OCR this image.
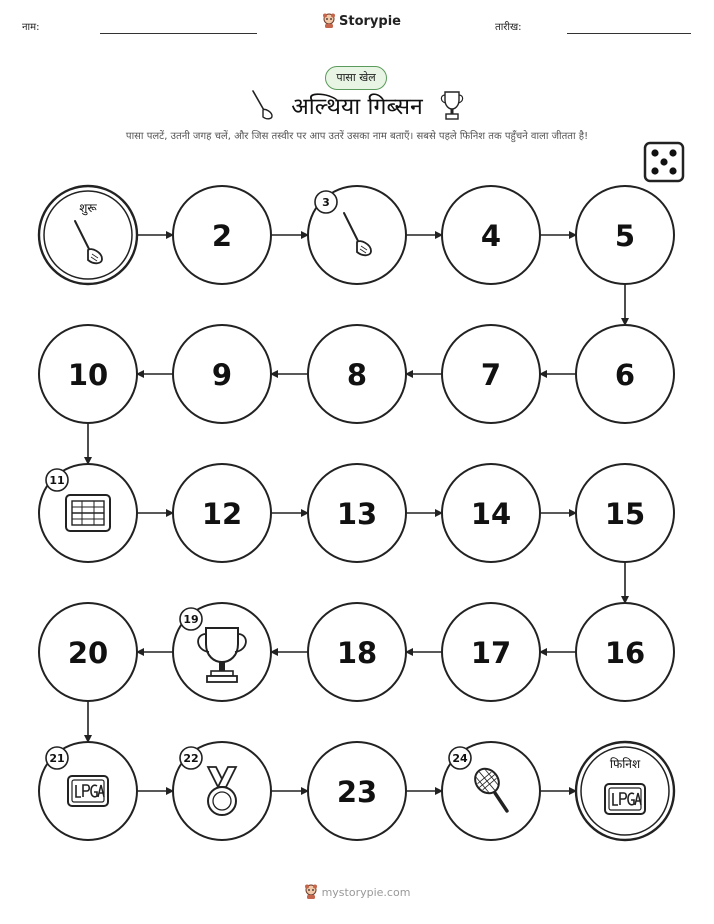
नाम:	Storypie	तारीख:
पासा खेल
अल्थिया गिब्सन
पासा पलटें, उतनी जगह चलें, और जिस तस्वीर पर आप उतरें उसका नाम बताएँ। सबसे पहले फिनिश तक पहुँचने वाला जीतता है!
शुरू
2
3
4	5
6
7
8
9
10
11
12	13	14	15
16
17
18
19
20
21	22
23
24	फिनिश
mystorypie.com
